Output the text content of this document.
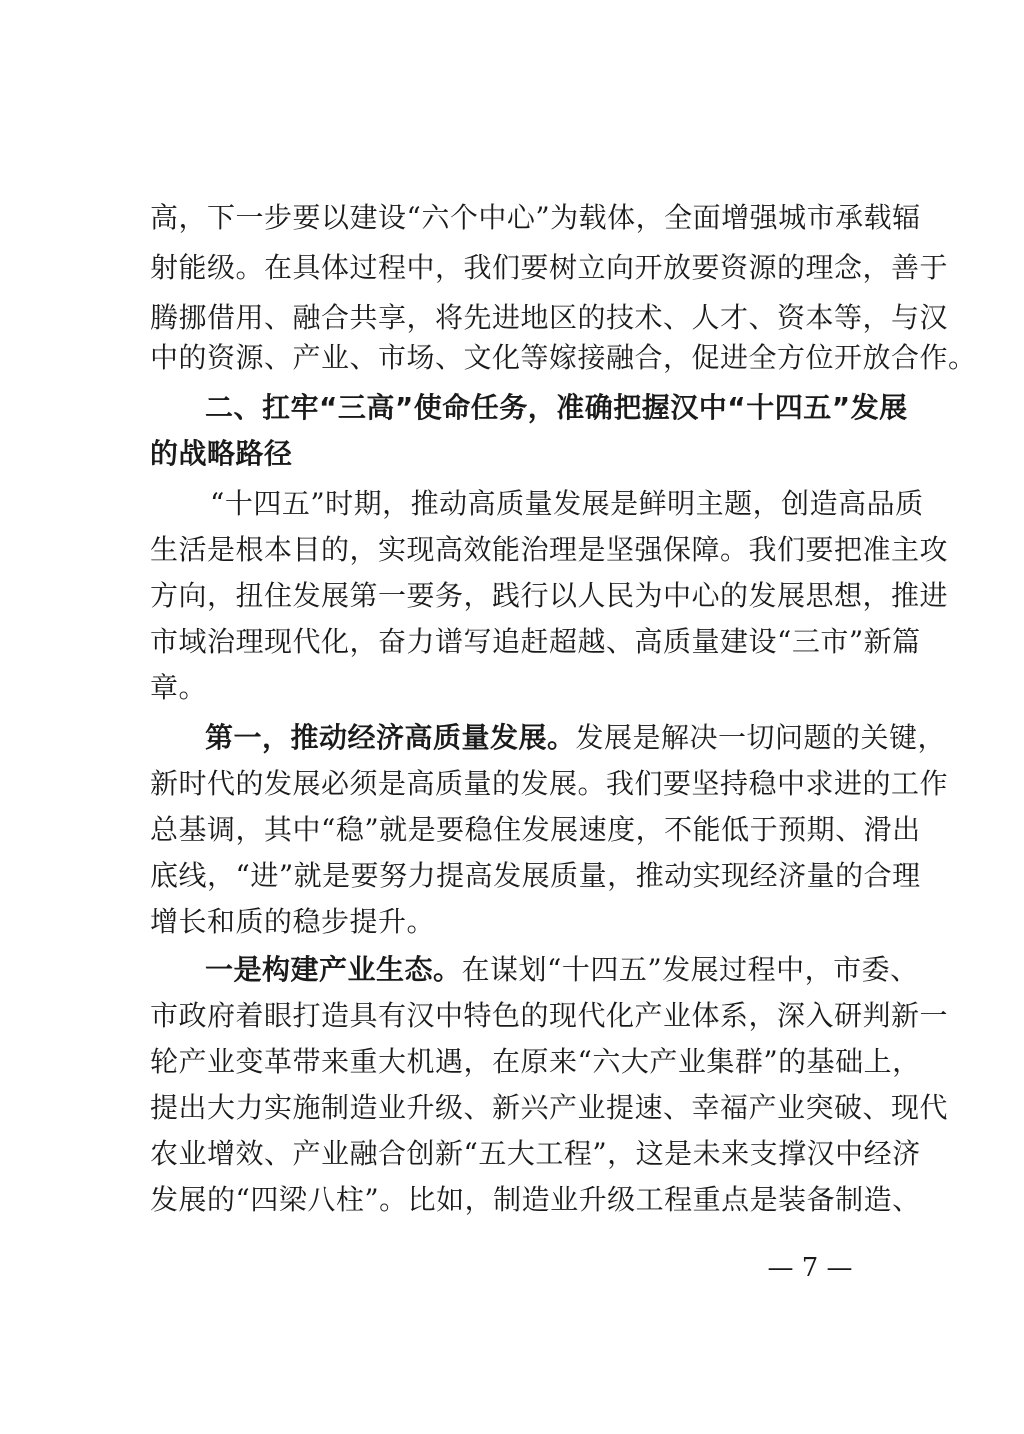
高，下一步要以建设“六个中心”为载体，全面增强城市承载辐
射能级。在具体过程中，我们要树立向开放要资源的理念，善于
腾挪借用、融合共享，将先进地区的技术、人才、资本等，与汉
中的资源、产业、市场、文化等嫁接融合，促进全方位开放合作。
二、扛牢“三高”使命任务，准确把握汉中“十四五”发展
的战略路径
“十四五”时期，推动高质量发展是鲜明主题，创造高品质
生活是根本目的，实现高效能治理是坚强保障。我们要把准主攻
方向，扭住发展第一要务，践行以人民为中心的发展思想，推进
市域治理现代化，奋力谱写追赶超越、高质量建设“三市”新篇
章。
第一，推动经济高质量发展。 发展是解决一切问题的关键，
新时代的发展必须是高质量的发展。我们要坚持稳中求进的工作
总基调，其中“稳”就是要稳住发展速度，不能低于预期、滑出
底线，“进”就是要努力提高发展质量，推动实现经济量的合理
增长和质的稳步提升。
一是构建产业生态。 在谋划“十四五”发展过程中，市委、
市政府着眼打造具有汉中特色的现代化产业体系，深入研判新一
轮产业变革带来重大机遇，在原来“六大产业集群”的基础上，
提出大力实施制造业升级、新兴产业提速、幸福产业突破、现代
农业增效、产业融合创新“五大工程”，这是未来支撑汉中经济
发展的“四梁八柱”。比如，制造业升级工程重点是装备制造、
— 7 —
